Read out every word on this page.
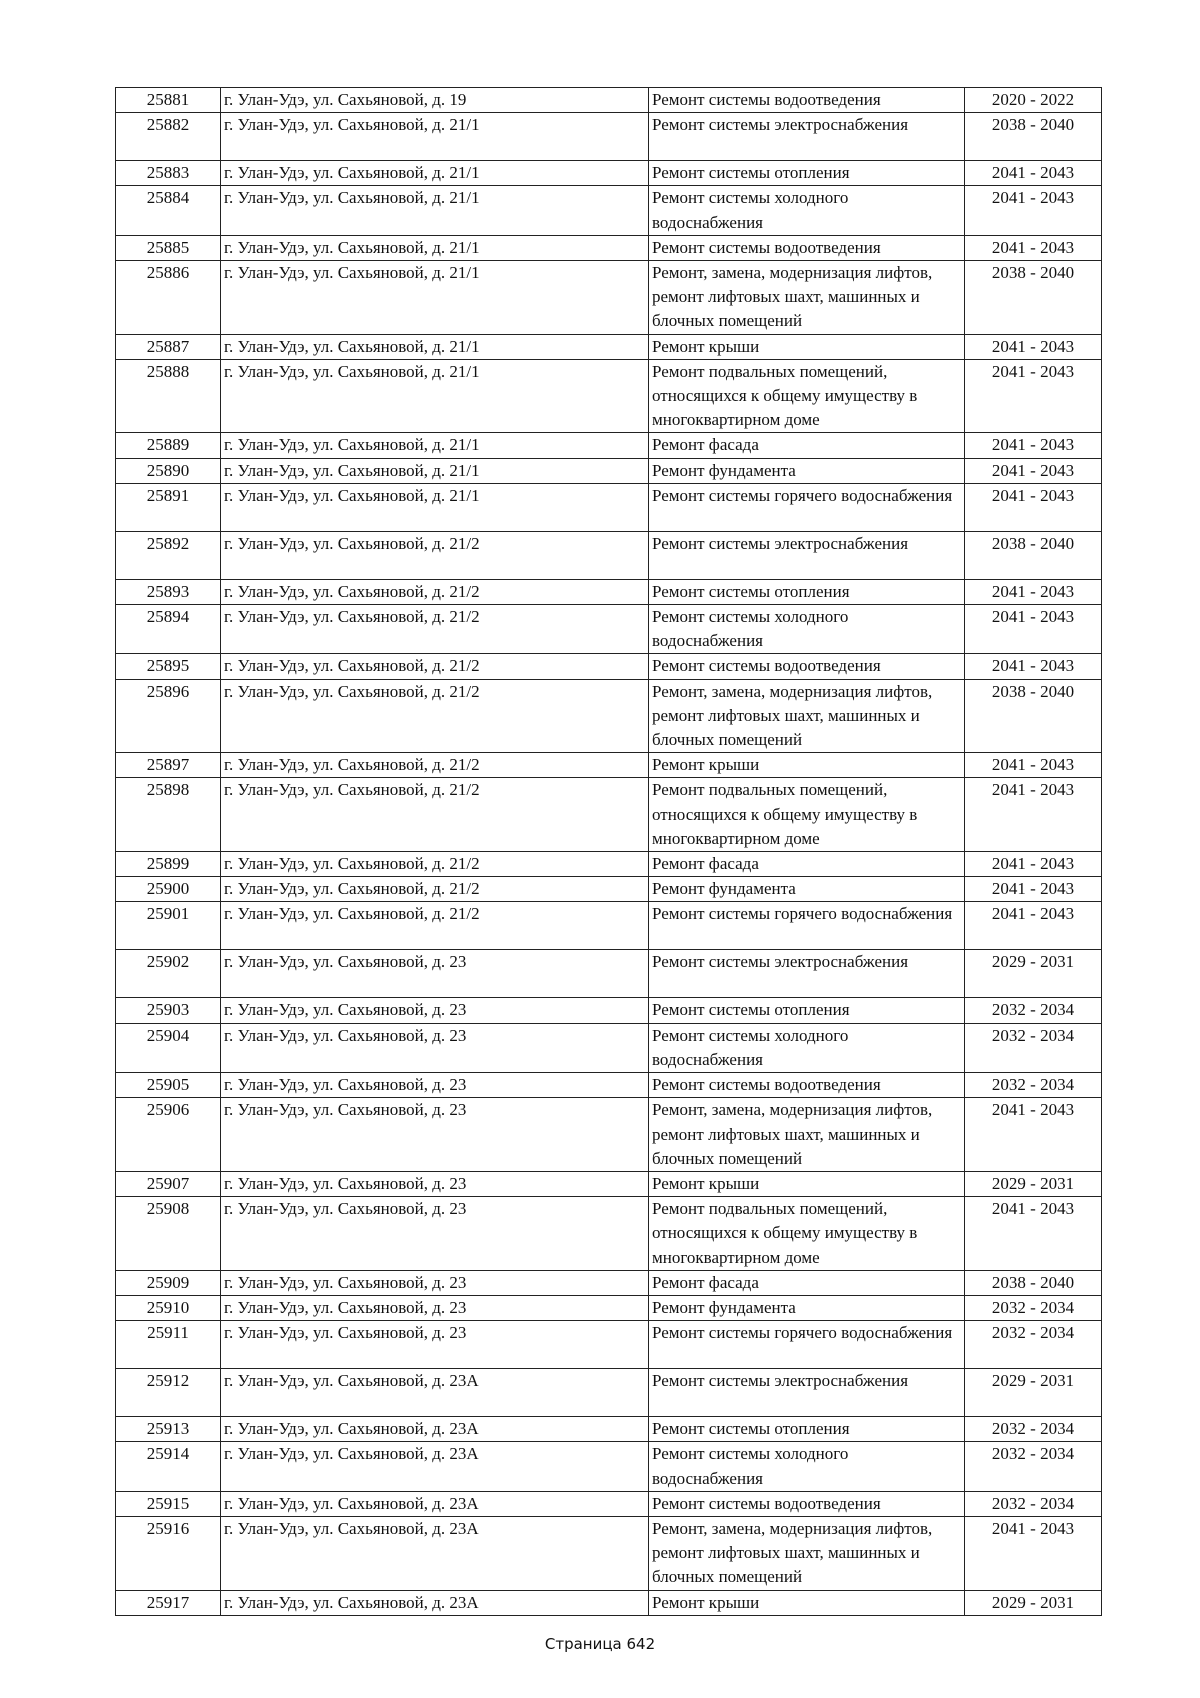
25881	г. Улан-Удэ, ул. Сахьяновой, д. 19	Ремонт системы водоотведения	2020 - 2022
25882	г. Улан-Удэ, ул. Сахьяновой, д. 21/1	Ремонт системы электроснабжения	2038 - 2040
25883	г. Улан-Удэ, ул. Сахьяновой, д. 21/1	Ремонт системы отопления	2041 - 2043
25884	г. Улан-Удэ, ул. Сахьяновой, д. 21/1	Ремонт системы холодного водоснабжения	2041 - 2043
25885	г. Улан-Удэ, ул. Сахьяновой, д. 21/1	Ремонт системы водоотведения	2041 - 2043
25886	г. Улан-Удэ, ул. Сахьяновой, д. 21/1	Ремонт, замена, модернизация лифтов, ремонт лифтовых шахт, машинных и блочных помещений	2038 - 2040
25887	г. Улан-Удэ, ул. Сахьяновой, д. 21/1	Ремонт крыши	2041 - 2043
25888	г. Улан-Удэ, ул. Сахьяновой, д. 21/1	Ремонт подвальных помещений, относящихся к общему имуществу в многоквартирном доме	2041 - 2043
25889	г. Улан-Удэ, ул. Сахьяновой, д. 21/1	Ремонт фасада	2041 - 2043
25890	г. Улан-Удэ, ул. Сахьяновой, д. 21/1	Ремонт фундамента	2041 - 2043
25891	г. Улан-Удэ, ул. Сахьяновой, д. 21/1	Ремонт системы горячего водоснабжения	2041 - 2043
25892	г. Улан-Удэ, ул. Сахьяновой, д. 21/2	Ремонт системы электроснабжения	2038 - 2040
25893	г. Улан-Удэ, ул. Сахьяновой, д. 21/2	Ремонт системы отопления	2041 - 2043
25894	г. Улан-Удэ, ул. Сахьяновой, д. 21/2	Ремонт системы холодного водоснабжения	2041 - 2043
25895	г. Улан-Удэ, ул. Сахьяновой, д. 21/2	Ремонт системы водоотведения	2041 - 2043
25896	г. Улан-Удэ, ул. Сахьяновой, д. 21/2	Ремонт, замена, модернизация лифтов, ремонт лифтовых шахт, машинных и блочных помещений	2038 - 2040
25897	г. Улан-Удэ, ул. Сахьяновой, д. 21/2	Ремонт крыши	2041 - 2043
25898	г. Улан-Удэ, ул. Сахьяновой, д. 21/2	Ремонт подвальных помещений, относящихся к общему имуществу в многоквартирном доме	2041 - 2043
25899	г. Улан-Удэ, ул. Сахьяновой, д. 21/2	Ремонт фасада	2041 - 2043
25900	г. Улан-Удэ, ул. Сахьяновой, д. 21/2	Ремонт фундамента	2041 - 2043
25901	г. Улан-Удэ, ул. Сахьяновой, д. 21/2	Ремонт системы горячего водоснабжения	2041 - 2043
25902	г. Улан-Удэ, ул. Сахьяновой, д. 23	Ремонт системы электроснабжения	2029 - 2031
25903	г. Улан-Удэ, ул. Сахьяновой, д. 23	Ремонт системы отопления	2032 - 2034
25904	г. Улан-Удэ, ул. Сахьяновой, д. 23	Ремонт системы холодного водоснабжения	2032 - 2034
25905	г. Улан-Удэ, ул. Сахьяновой, д. 23	Ремонт системы водоотведения	2032 - 2034
25906	г. Улан-Удэ, ул. Сахьяновой, д. 23	Ремонт, замена, модернизация лифтов, ремонт лифтовых шахт, машинных и блочных помещений	2041 - 2043
25907	г. Улан-Удэ, ул. Сахьяновой, д. 23	Ремонт крыши	2029 - 2031
25908	г. Улан-Удэ, ул. Сахьяновой, д. 23	Ремонт подвальных помещений, относящихся к общему имуществу в многоквартирном доме	2041 - 2043
25909	г. Улан-Удэ, ул. Сахьяновой, д. 23	Ремонт фасада	2038 - 2040
25910	г. Улан-Удэ, ул. Сахьяновой, д. 23	Ремонт фундамента	2032 - 2034
25911	г. Улан-Удэ, ул. Сахьяновой, д. 23	Ремонт системы горячего водоснабжения	2032 - 2034
25912	г. Улан-Удэ, ул. Сахьяновой, д. 23А	Ремонт системы электроснабжения	2029 - 2031
25913	г. Улан-Удэ, ул. Сахьяновой, д. 23А	Ремонт системы отопления	2032 - 2034
25914	г. Улан-Удэ, ул. Сахьяновой, д. 23А	Ремонт системы холодного водоснабжения	2032 - 2034
25915	г. Улан-Удэ, ул. Сахьяновой, д. 23А	Ремонт системы водоотведения	2032 - 2034
25916	г. Улан-Удэ, ул. Сахьяновой, д. 23А	Ремонт, замена, модернизация лифтов, ремонт лифтовых шахт, машинных и блочных помещений	2041 - 2043
25917	г. Улан-Удэ, ул. Сахьяновой, д. 23А	Ремонт крыши	2029 - 2031
Страница 642
